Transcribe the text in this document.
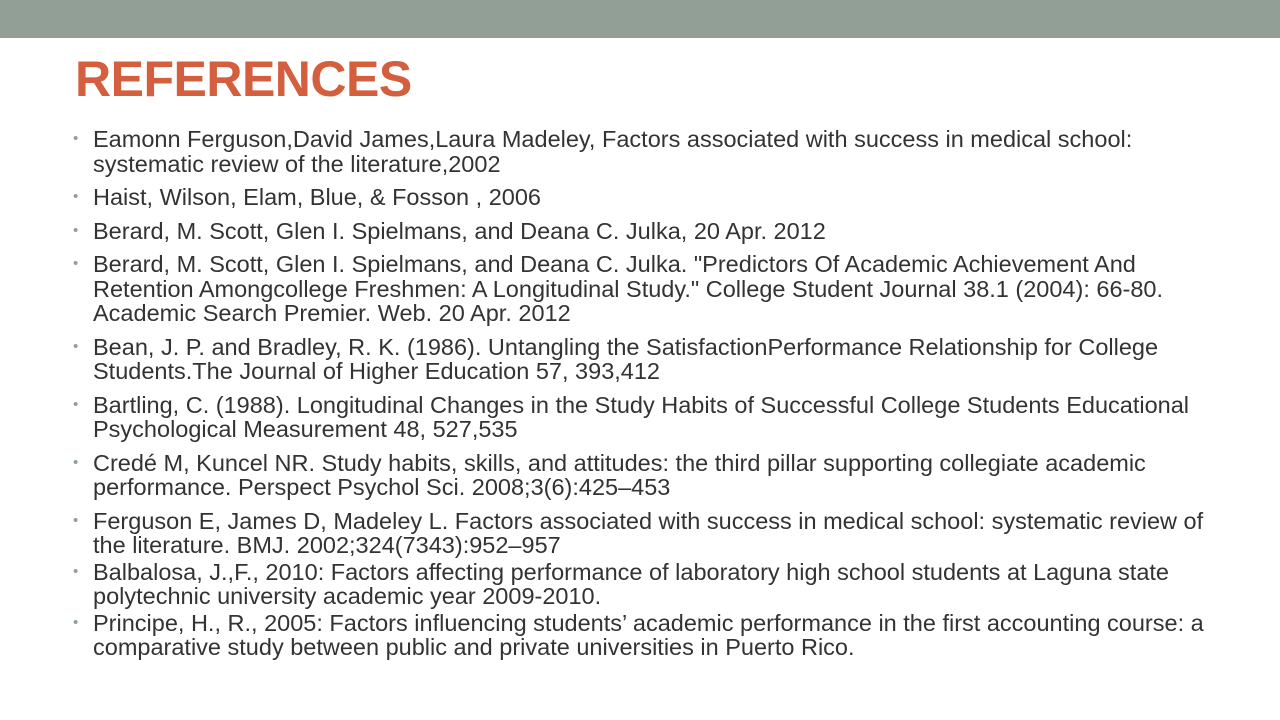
REFERENCES
• Eamonn Ferguson,David James,Laura Madeley, Factors associated with success in medical school: systematic review of the literature,2002
• Haist, Wilson, Elam, Blue, & Fosson , 2006
• Berard, M. Scott, Glen I. Spielmans, and Deana C. Julka, 20 Apr. 2012
• Berard, M. Scott, Glen I. Spielmans, and Deana C. Julka. "Predictors Of Academic Achievement And Retention Amongcollege Freshmen: A Longitudinal Study." College Student Journal 38.1 (2004): 66-80. Academic Search Premier. Web. 20 Apr. 2012
• Bean, J. P. and Bradley, R. K. (1986). Untangling the SatisfactionPerformance Relationship for College Students.The Journal of Higher Education 57, 393,412
• Bartling, C. (1988). Longitudinal Changes in the Study Habits of Successful College Students Educational Psychological Measurement 48, 527,535
• Credé M, Kuncel NR. Study habits, skills, and attitudes: the third pillar supporting collegiate academic performance. Perspect Psychol Sci. 2008;3(6):425–453
• Ferguson E, James D, Madeley L. Factors associated with success in medical school: systematic review of the literature. BMJ. 2002;324(7343):952–957
• Balbalosa, J.,F., 2010: Factors affecting performance of laboratory high school students at Laguna state polytechnic university academic year 2009-2010.
• Principe, H., R., 2005: Factors influencing students’ academic performance in the first accounting course: a comparative study between public and private universities in Puerto Rico.
